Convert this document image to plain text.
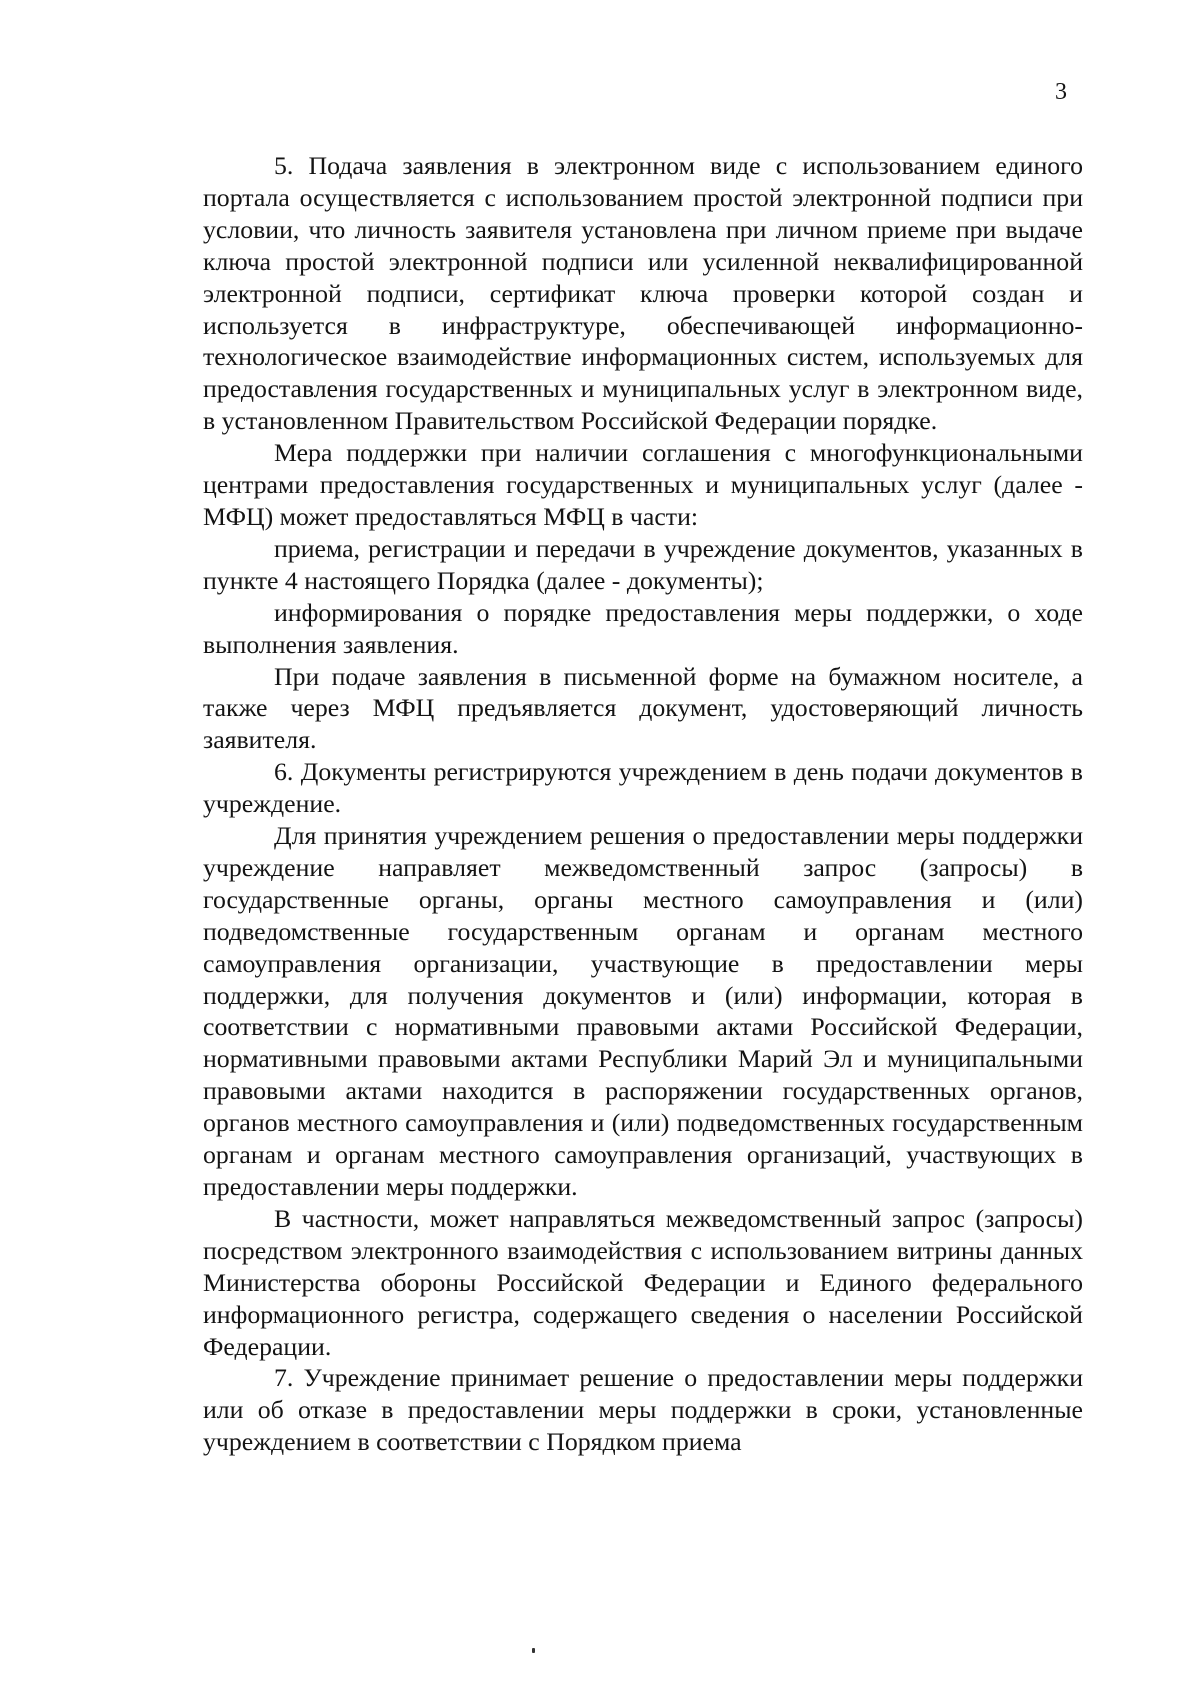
3

5. Подача заявления в электронном виде с использованием единого портала осуществляется с использованием простой электронной подписи при условии, что личность заявителя установлена при личном приеме при выдаче ключа простой электронной подписи или усиленной неквалифицированной электронной подписи, сертификат ключа проверки которой создан и используется в инфраструктуре, обеспечивающей информационно-технологическое взаимодействие информационных систем, используемых для предоставления государственных и муниципальных услуг в электронном виде, в установленном Правительством Российской Федерации порядке.

Мера поддержки при наличии соглашения с многофункциональными центрами предоставления государственных и муниципальных услуг (далее - МФЦ) может предоставляться МФЦ в части:

приема, регистрации и передачи в учреждение документов, указанных в пункте 4 настоящего Порядка (далее - документы);

информирования о порядке предоставления меры поддержки, о ходе выполнения заявления.

При подаче заявления в письменной форме на бумажном носителе, а также через МФЦ предъявляется документ, удостоверяющий личность заявителя.

6. Документы регистрируются учреждением в день подачи документов в учреждение.

Для принятия учреждением решения о предоставлении меры поддержки учреждение направляет межведомственный запрос (запросы) в государственные органы, органы местного самоуправления и (или) подведомственные государственным органам и органам местного самоуправления организации, участвующие в предоставлении меры поддержки, для получения документов и (или) информации, которая в соответствии с нормативными правовыми актами Российской Федерации, нормативными правовыми актами Республики Марий Эл и муниципальными правовыми актами находится в распоряжении государственных органов, органов местного самоуправления и (или) подведомственных государственным органам и органам местного самоуправления организаций, участвующих в предоставлении меры поддержки.

В частности, может направляться межведомственный запрос (запросы) посредством электронного взаимодействия с использованием витрины данных Министерства обороны Российской Федерации и Единого федерального информационного регистра, содержащего сведения о населении Российской Федерации.

7. Учреждение принимает решение о предоставлении меры поддержки или об отказе в предоставлении меры поддержки в сроки, установленные учреждением в соответствии с Порядком приема
